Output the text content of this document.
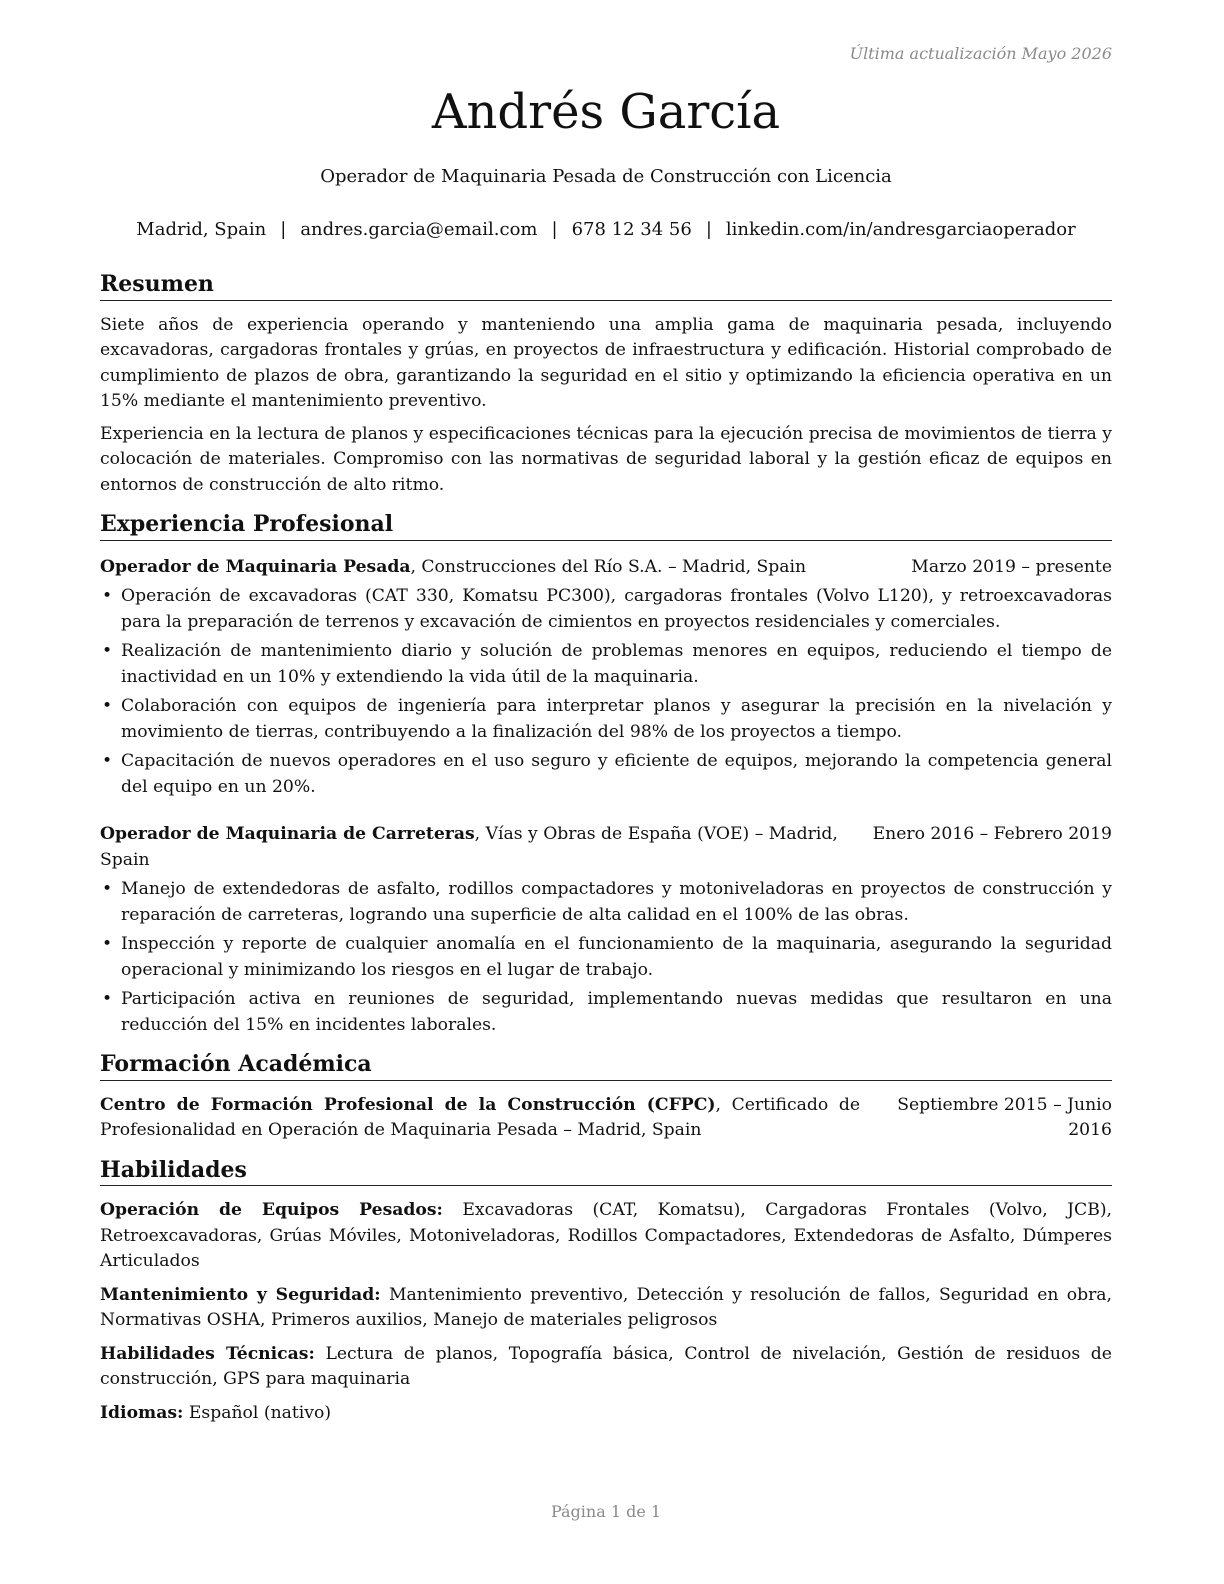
Última actualización Mayo 2026
Andrés García
Operador de Maquinaria Pesada de Construcción con Licencia
Madrid, Spain | andres.garcia@email.com | 678 12 34 56 | linkedin.com/in/andresgarciaoperador
Resumen

Siete años de experiencia operando y manteniendo una amplia gama de maquinaria pesada, incluyendo excavadoras, cargadoras frontales y grúas, en proyectos de infraestructura y edificación. Historial comprobado de cumplimiento de plazos de obra, garantizando la seguridad en el sitio y optimizando la eficiencia operativa en un 15% mediante el mantenimiento preventivo.

Experiencia en la lectura de planos y especificaciones técnicas para la ejecución precisa de movimientos de tierra y colocación de materiales. Compromiso con las normativas de seguridad laboral y la gestión eficaz de equipos en entornos de construcción de alto ritmo.

Experiencia Profesional
Operador de Maquinaria Pesada, Construcciones del Río S.A. – Madrid, Spain	Marzo 2019 – presente
• Operación de excavadoras (CAT 330, Komatsu PC300), cargadoras frontales (Volvo L120), y retroexcavadoras para la preparación de terrenos y excavación de cimientos en proyectos residenciales y comerciales.
• Realización de mantenimiento diario y solución de problemas menores en equipos, reduciendo el tiempo de inactividad en un 10% y extendiendo la vida útil de la maquinaria.
• Colaboración con equipos de ingeniería para interpretar planos y asegurar la precisión en la nivelación y movimiento de tierras, contribuyendo a la finalización del 98% de los proyectos a tiempo.
• Capacitación de nuevos operadores en el uso seguro y eficiente de equipos, mejorando la competencia general del equipo en un 20%.
Operador de Maquinaria de Carreteras, Vías y Obras de España (VOE) – Madrid, Spain
Enero 2016 – Febrero 2019
• Manejo de extendedoras de asfalto, rodillos compactadores y motoniveladoras en proyectos de construcción y reparación de carreteras, logrando una superficie de alta calidad en el 100% de las obras.
• Inspección y reporte de cualquier anomalía en el funcionamiento de la maquinaria, asegurando la seguridad operacional y minimizando los riesgos en el lugar de trabajo.
• Participación activa en reuniones de seguridad, implementando nuevas medidas que resultaron en una reducción del 15% en incidentes laborales.
Formación Académica
Centro de Formación Profesional de la Construcción (CFPC), Certificado de Profesionalidad en Operación de Maquinaria Pesada – Madrid, Spain
Septiembre 2015 – Junio 2016
Habilidades
Operación de Equipos Pesados: Excavadoras (CAT, Komatsu), Cargadoras Frontales (Volvo, JCB), Retroexcavadoras, Grúas Móviles, Motoniveladoras, Rodillos Compactadores, Extendedoras de Asfalto, Dúmperes Articulados
Mantenimiento y Seguridad: Mantenimiento preventivo, Detección y resolución de fallos, Seguridad en obra, Normativas OSHA, Primeros auxilios, Manejo de materiales peligrosos
Habilidades Técnicas: Lectura de planos, Topografía básica, Control de nivelación, Gestión de residuos de construcción, GPS para maquinaria
Idiomas: Español (nativo)
Página 1 de 1
